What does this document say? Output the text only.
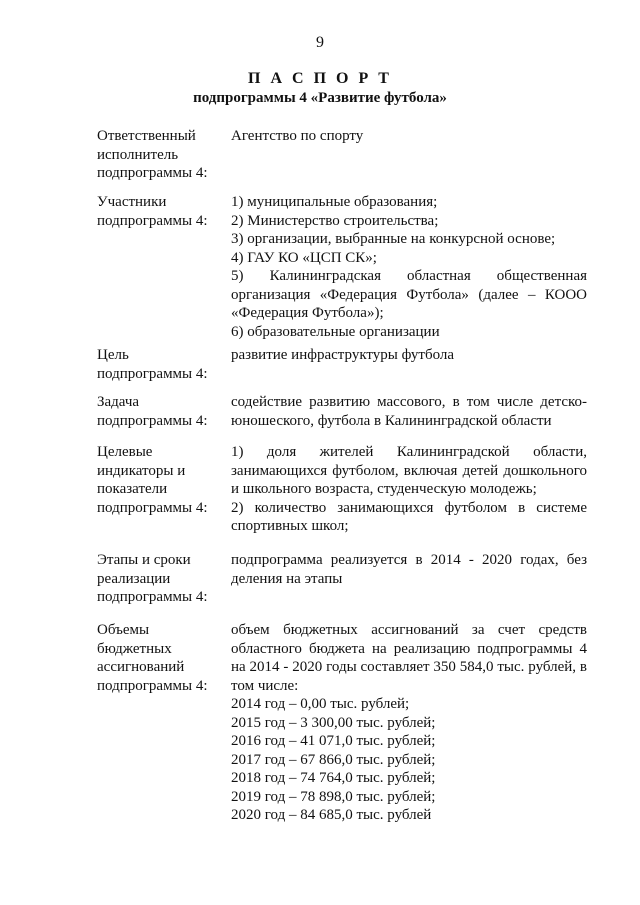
9
П А С П О Р Т
подпрограммы 4 «Развитие футбола»
Ответственный
исполнитель
подпрограммы 4:
Агентство по спорту
Участники
подпрограммы 4:
1) муниципальные образования;
2) Министерство строительства;
3) организации, выбранные на конкурсной основе;
4) ГАУ КО «ЦСП СК»;
5) Калининградская областная общественная организация «Федерация Футбола» (далее – КООО «Федерация Футбола»);
6) образовательные организации
Цель
подпрограммы 4:
развитие инфраструктуры футбола
Задача
подпрограммы 4:
содействие развитию массового, в том числе детско-юношеского, футбола в Калининградской области
Целевые
индикаторы и
показатели
подпрограммы 4:
1) доля жителей Калининградской области, занимающихся футболом, включая детей дошкольного и школьного возраста, студенческую молодежь;
2) количество занимающихся футболом в системе спортивных школ;
Этапы и сроки
реализации
подпрограммы 4:
подпрограмма реализуется в 2014 - 2020 годах, без деления на этапы
Объемы
бюджетных
ассигнований
подпрограммы 4:
объем бюджетных ассигнований за счет средств областного бюджета на реализацию подпрограммы 4 на 2014 - 2020 годы составляет 350 584,0 тыс. рублей, в том числе:
2014 год – 0,00 тыс. рублей;
2015 год – 3 300,00 тыс. рублей;
2016 год – 41 071,0 тыс. рублей;
2017 год – 67 866,0 тыс. рублей;
2018 год – 74 764,0 тыс. рублей;
2019 год – 78 898,0 тыс. рублей;
2020 год – 84 685,0 тыс. рублей
